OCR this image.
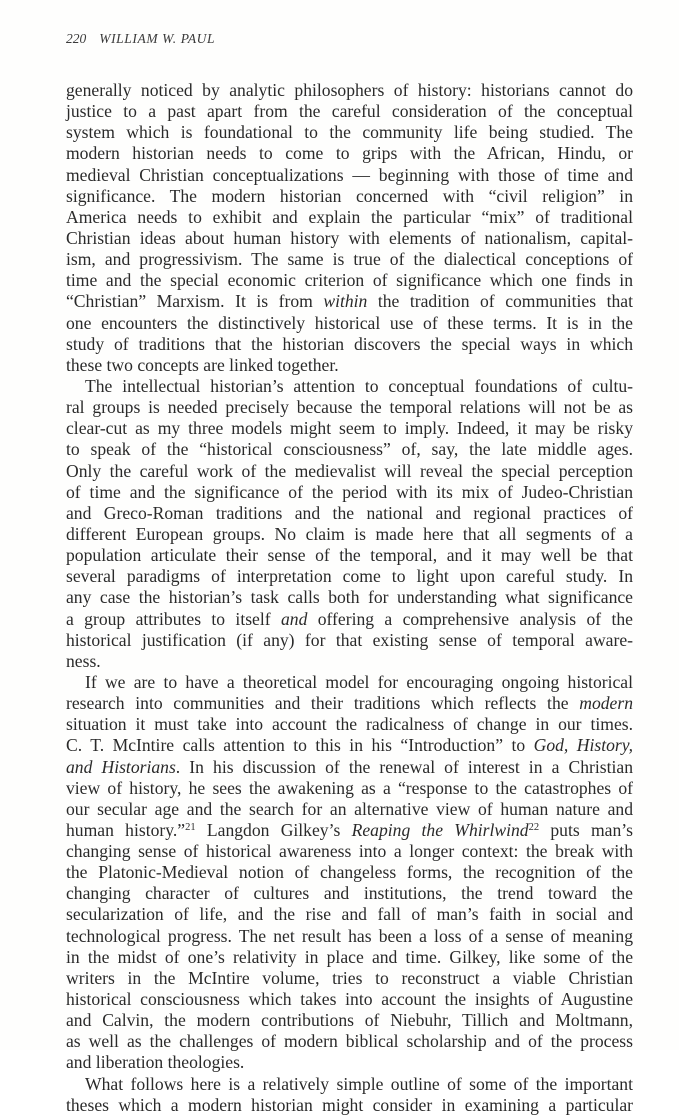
220 WILLIAM W. PAUL
generally noticed by analytic philosophers of history: historians cannot do
justice to a past apart from the careful consideration of the conceptual
system which is foundational to the community life being studied. The
modern historian needs to come to grips with the African, Hindu, or
medieval Christian conceptualizations — beginning with those of time and
significance. The modern historian concerned with “civil religion” in
America needs to exhibit and explain the particular “mix” of traditional
Christian ideas about human history with elements of nationalism, capital-
ism, and progressivism. The same is true of the dialectical conceptions of
time and the special economic criterion of significance which one finds in
“Christian” Marxism. It is from within the tradition of communities that
one encounters the distinctively historical use of these terms. It is in the
study of traditions that the historian discovers the special ways in which
these two concepts are linked together.
The intellectual historian’s attention to conceptual foundations of cultu-
ral groups is needed precisely because the temporal relations will not be as
clear-cut as my three models might seem to imply. Indeed, it may be risky
to speak of the “historical consciousness” of, say, the late middle ages.
Only the careful work of the medievalist will reveal the special perception
of time and the significance of the period with its mix of Judeo-Christian
and Greco-Roman traditions and the national and regional practices of
different European groups. No claim is made here that all segments of a
population articulate their sense of the temporal, and it may well be that
several paradigms of interpretation come to light upon careful study. In
any case the historian’s task calls both for understanding what significance
a group attributes to itself and offering a comprehensive analysis of the
historical justification (if any) for that existing sense of temporal aware-
ness.
If we are to have a theoretical model for encouraging ongoing historical
research into communities and their traditions which reflects the modern
situation it must take into account the radicalness of change in our times.
C. T. McIntire calls attention to this in his “Introduction” to God, History,
and Historians. In his discussion of the renewal of interest in a Christian
view of history, he sees the awakening as a “response to the catastrophes of
our secular age and the search for an alternative view of human nature and
human history.”$^{21}$ Langdon Gilkey’s Reaping the Whirlwind$^{22}$ puts man’s
changing sense of historical awareness into a longer context: the break with
the Platonic-Medieval notion of changeless forms, the recognition of the
changing character of cultures and institutions, the trend toward the
secularization of life, and the rise and fall of man’s faith in social and
technological progress. The net result has been a loss of a sense of meaning
in the midst of one’s relativity in place and time. Gilkey, like some of the
writers in the McIntire volume, tries to reconstruct a viable Christian
historical consciousness which takes into account the insights of Augustine
and Calvin, the modern contributions of Niebuhr, Tillich and Moltmann,
as well as the challenges of modern biblical scholarship and of the process
and liberation theologies.
What follows here is a relatively simple outline of some of the important
theses which a modern historian might consider in examining a particular
